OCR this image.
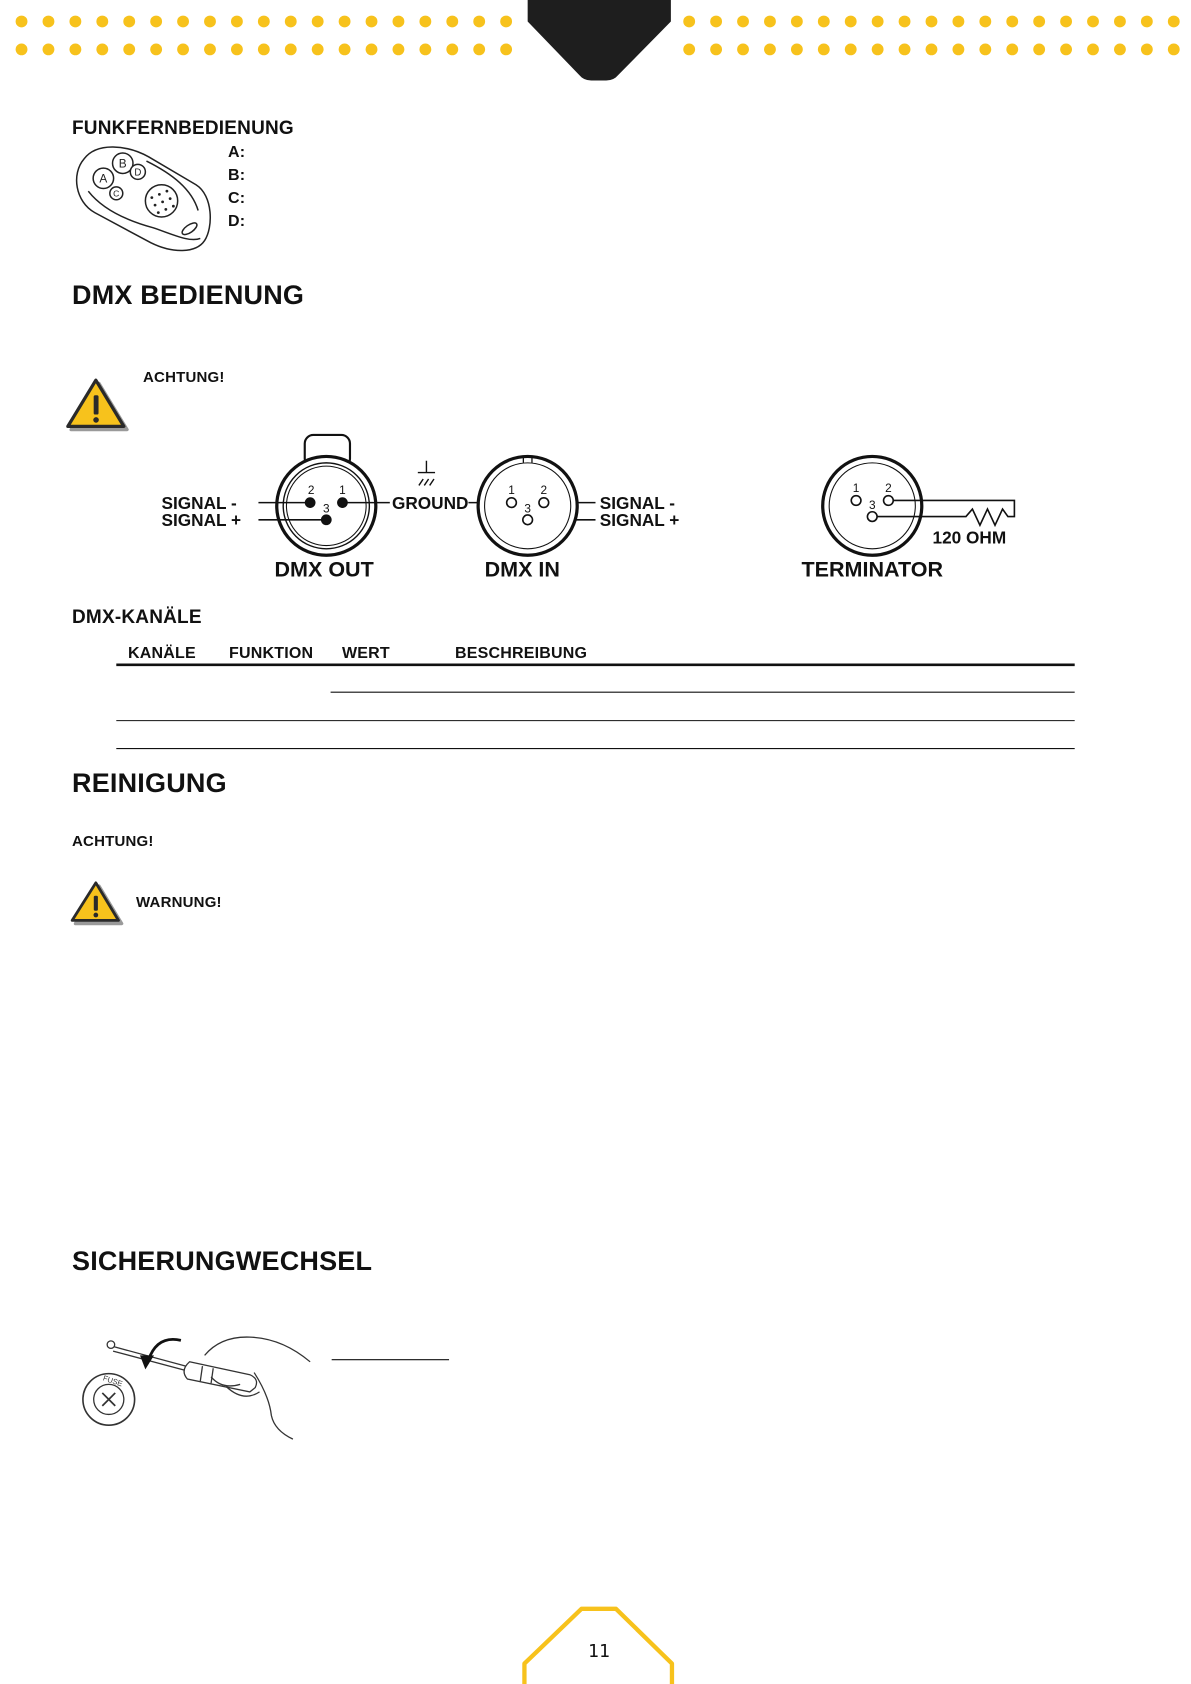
A
B
C
D
2 1
3
SIGNAL -
SIGNAL +
GROUND
1 2
3	SIGNAL -
SIGNAL +
DMX OUT	DMX IN
1 2
3
120 OHM
TERMINATOR
FUSE
FUNKFERNBEDIENUNG
A:
B:
C:
D:
DMX BEDIENUNG
ACHTUNG!
DMX-KANÄLE
KANÄLE FUNKTION WERT	BESCHREIBUNG
REINIGUNG
ACHTUNG!
WARNUNG!
SICHERUNGWECHSEL
11
